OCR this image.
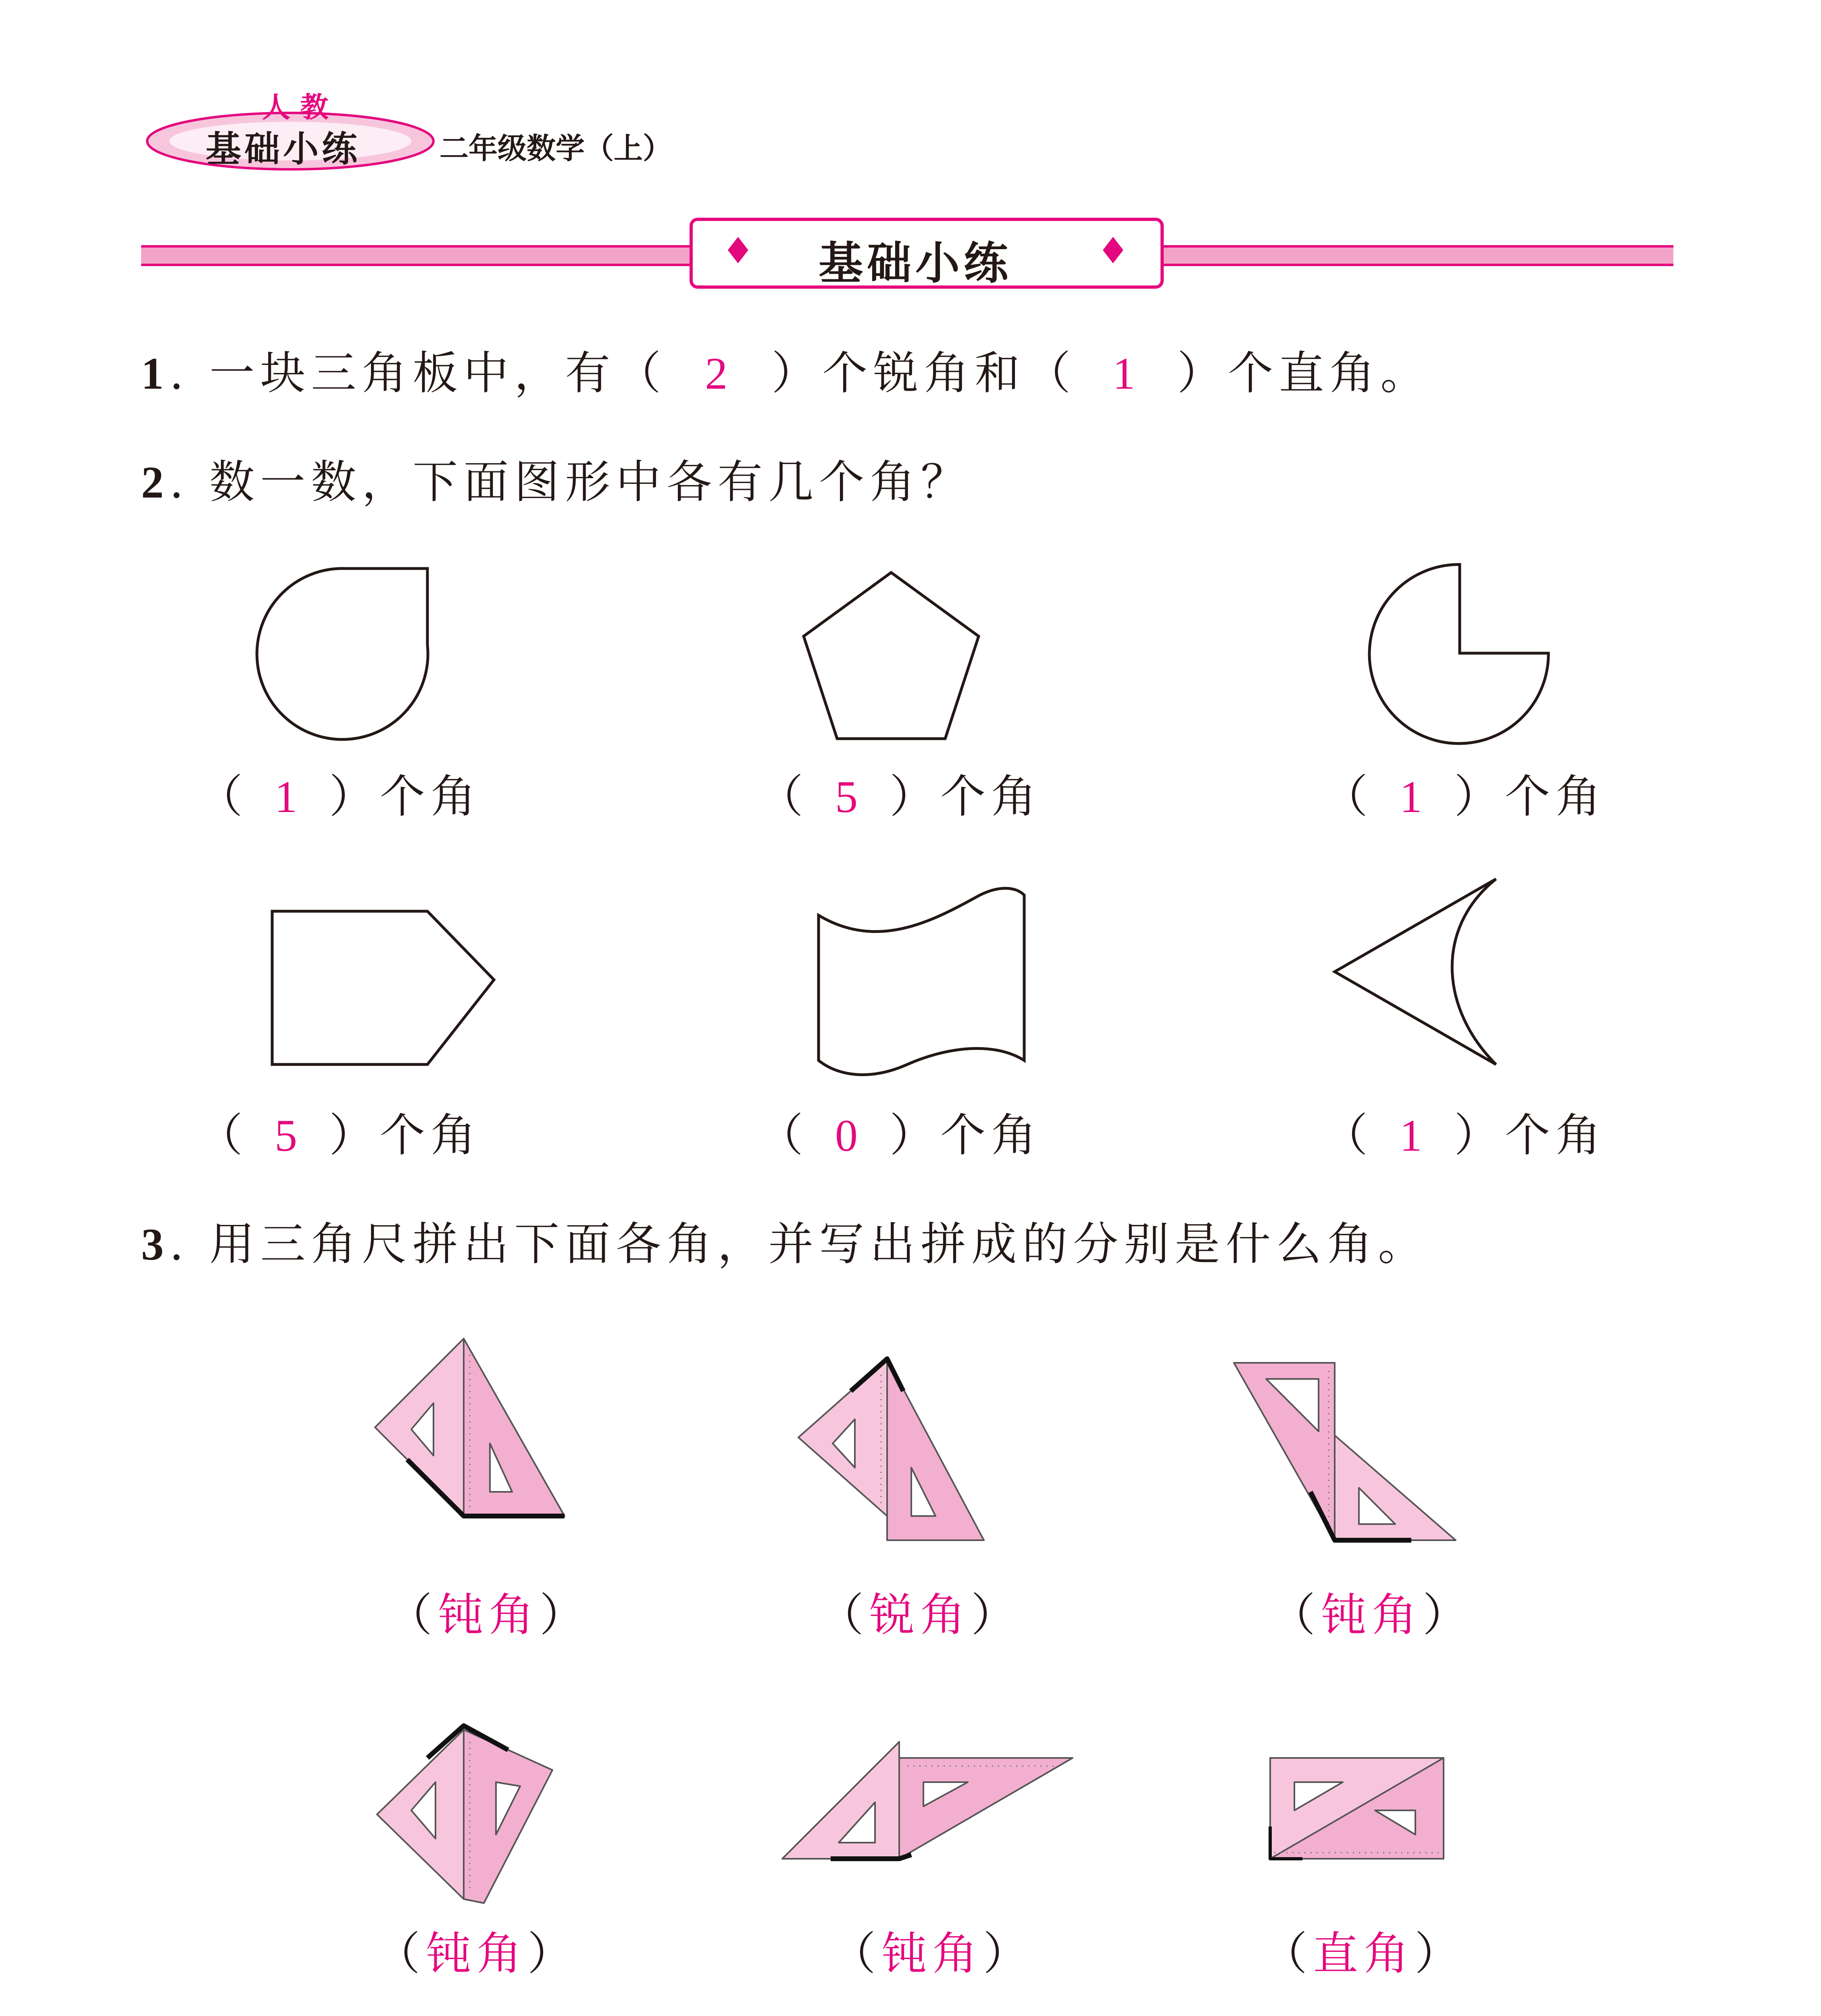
人 教
基础小练	二年级数学（上）
♦	♦
基础小练
1. 一块三角板中，有（ 2 ）个锐角和（ 1 ）个直角。
2. 数一数，下面图形中各有几个角？
（ 1 ）个角	（ 5 ）个角	（ 1 ）个角
（ 5 ）个角	（ 0 ）个角	（ 1 ）个角
3. 用三角尺拼出下面各角，并写出拼成的分别是什么角。
（钝角）	（锐角）	（钝角）
（钝角）	（钝角）	（直角）
